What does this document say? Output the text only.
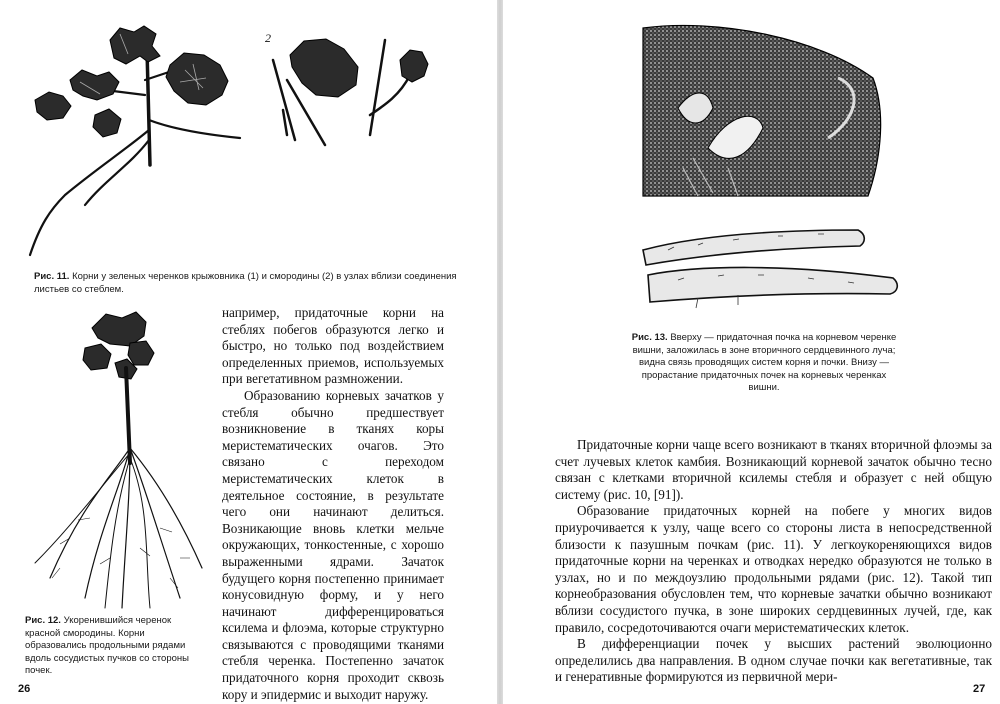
2
Рис. 11. Корни у зеленых черенков крыжовника (1) и смородины (2) в узлах вблизи соединения листьев со стеблем.
Рис. 12. Укоренившийся черенок красной смородины. Корни образовались продольными рядами вдоль сосудистых пучков со стороны почек.

например, придаточные корни на стеблях побегов образуются легко и быстро, но только под воздействием определенных приемов, используемых при вегетативном размножении.

Образованию корневых зачатков у стебля обычно предшествует возникновение в тканях коры меристематических очагов. Это связано с переходом меристематических клеток в деятельное состояние, в результате чего они начинают делиться. Возникающие вновь клетки мельче окружающих, тонкостенные, с хорошо выраженными ядрами. Зачаток будущего корня постепенно принимает конусовидную форму, и у него начинают дифференцироваться ксилема и флоэма, которые структурно связываются с проводящими тканями стебля черенка. Постепенно зачаток придаточного корня проходит сквозь кору и эпидермис и выходит наружу.

26
Рис. 13. Вверху — придаточная почка на корневом черенке вишни, заложилась в зоне вторичного сердцевинного луча; видна связь проводящих систем корня и почки. Внизу — прорастание придаточных почек на корневых черенках вишни.

Придаточные корни чаще всего возникают в тканях вторичной флоэмы за счет лучевых клеток камбия. Возникающий корневой зачаток обычно тесно связан с клетками вторичной ксилемы стебля и образует с ней общую систему (рис. 10, [91]).

Образование придаточных корней на побеге у многих видов приурочивается к узлу, чаще всего со стороны листа в непосредственной близости к пазушным почкам (рис. 11). У легкоукореняющихся видов придаточные корни на черенках и отводках нередко образуются не только в узлах, но и по междоузлию продольными рядами (рис. 12). Такой тип корнеобразования обусловлен тем, что корневые зачатки обычно возникают вблизи сосудистого пучка, в зоне широких сердцевинных лучей, где, как правило, сосредоточиваются очаги меристематических клеток.

В дифференциации почек у высших растений эволюционно определились два направления. В одном случае почки как вегетативные, так и генеративные формируются из первичной мери-

27
